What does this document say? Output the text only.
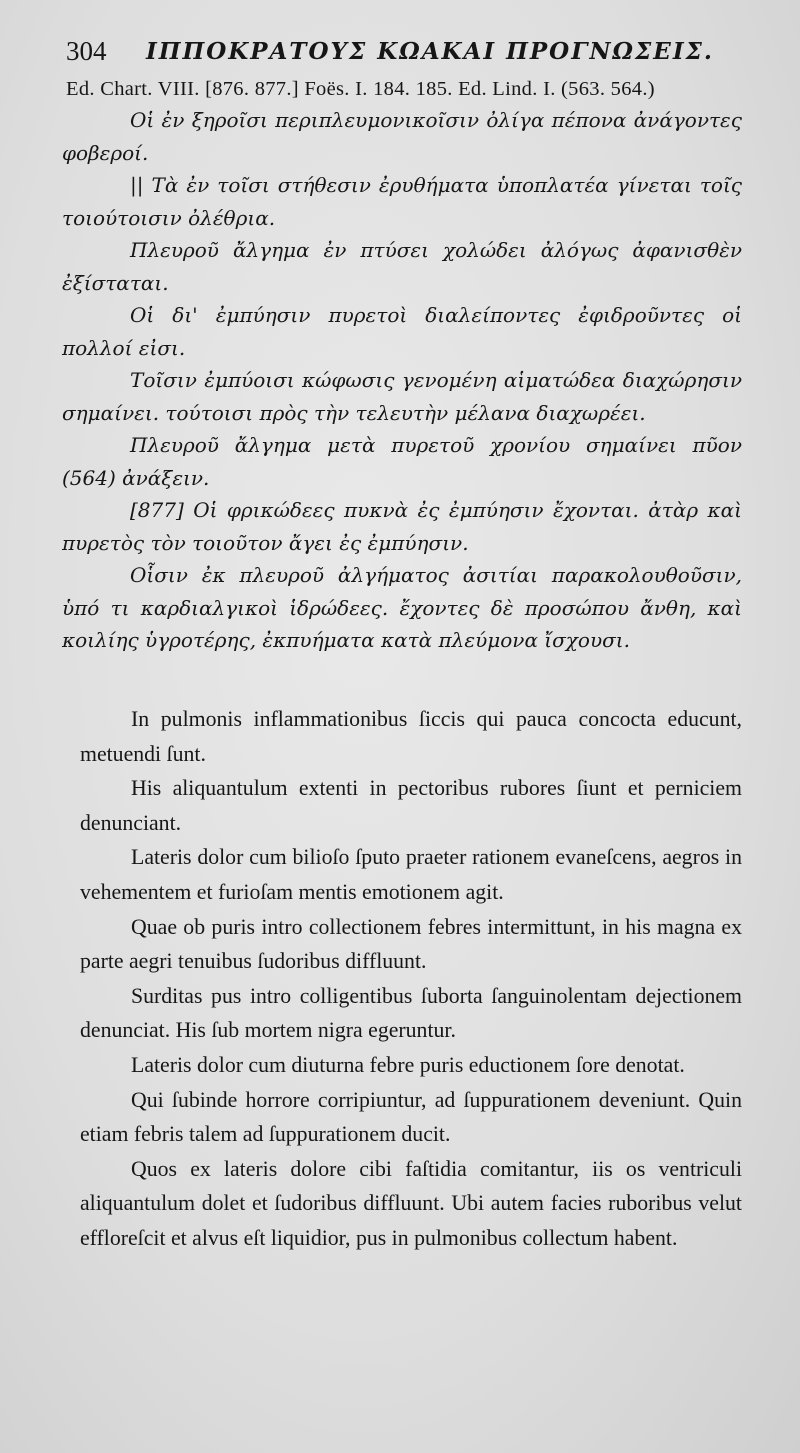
304 ΙΠΠΟΚΡΑΤΟΥΣ ΚΩΑΚΑΙ ΠΡΟΓΝΩΣΕΙΣ.
Ed. Chart. VIII. [876. 877.] Foës. I. 184. 185. Ed. Lind. I. (563. 564.)

Οἱ ἐν ξηροῖσι περιπλευμονικοῖσιν ὀλίγα πέπονα ἀνάγοντες φοβεροί.

|| Τὰ ἐν τοῖσι στήθεσιν ἐρυθήματα ὑποπλατέα γίνεται τοῖς τοιούτοισιν ὀλέθρια.

Πλευροῦ ἄλγημα ἐν πτύσει χολώδει ἀλόγως ἀφανισθὲν ἐξίσταται.

Οἱ δι' ἐμπύησιν πυρετοὶ διαλείποντες ἐφιδροῦντες οἱ πολλοί εἰσι.

Τοῖσιν ἐμπύοισι κώφωσις γενομένη αἱματώδεα διαχώρησιν σημαίνει. τούτοισι πρὸς τὴν τελευτὴν μέλανα διαχωρέει.

Πλευροῦ ἄλγημα μετὰ πυρετοῦ χρονίου σημαίνει πῦον (564) ἀνάξειν.

[877] Οἱ φρικώδεες πυκνὰ ἐς ἐμπύησιν ἔχονται. ἀτὰρ καὶ πυρετὸς τὸν τοιοῦτον ἄγει ἐς ἐμπύησιν.

Οἷσιν ἐκ πλευροῦ ἀλγήματος ἀσιτίαι παρακολουθοῦσιν, ὑπό τι καρδιαλγικοὶ ἱδρώδεες. ἔχοντες δὲ προσώπου ἄνθη, καὶ κοιλίης ὑγροτέρης, ἐκπυήματα κατὰ πλεύμονα ἴσχουσι.

In pulmonis inflammationibus ſiccis qui pauca concocta educunt, metuendi ſunt.

His aliquantulum extenti in pectoribus rubores ſiunt et perniciem denunciant.

Lateris dolor cum bilioſo ſputo praeter rationem evaneſcens, aegros in vehementem et furioſam mentis emotionem agit.

Quae ob puris intro collectionem febres intermittunt, in his magna ex parte aegri tenuibus ſudoribus diffluunt.

Surditas pus intro colligentibus ſuborta ſanguinolentam dejectionem denunciat. His ſub mortem nigra egeruntur.

Lateris dolor cum diuturna febre puris eductionem ſore denotat.

Qui ſubinde horrore corripiuntur, ad ſuppurationem deveniunt. Quin etiam febris talem ad ſuppurationem ducit.

Quos ex lateris dolore cibi faſtidia comitantur, iis os ventriculi aliquantulum dolet et ſudoribus diffluunt. Ubi autem facies ruboribus velut effloreſcit et alvus eſt liquidior, pus in pulmonibus collectum habent.
